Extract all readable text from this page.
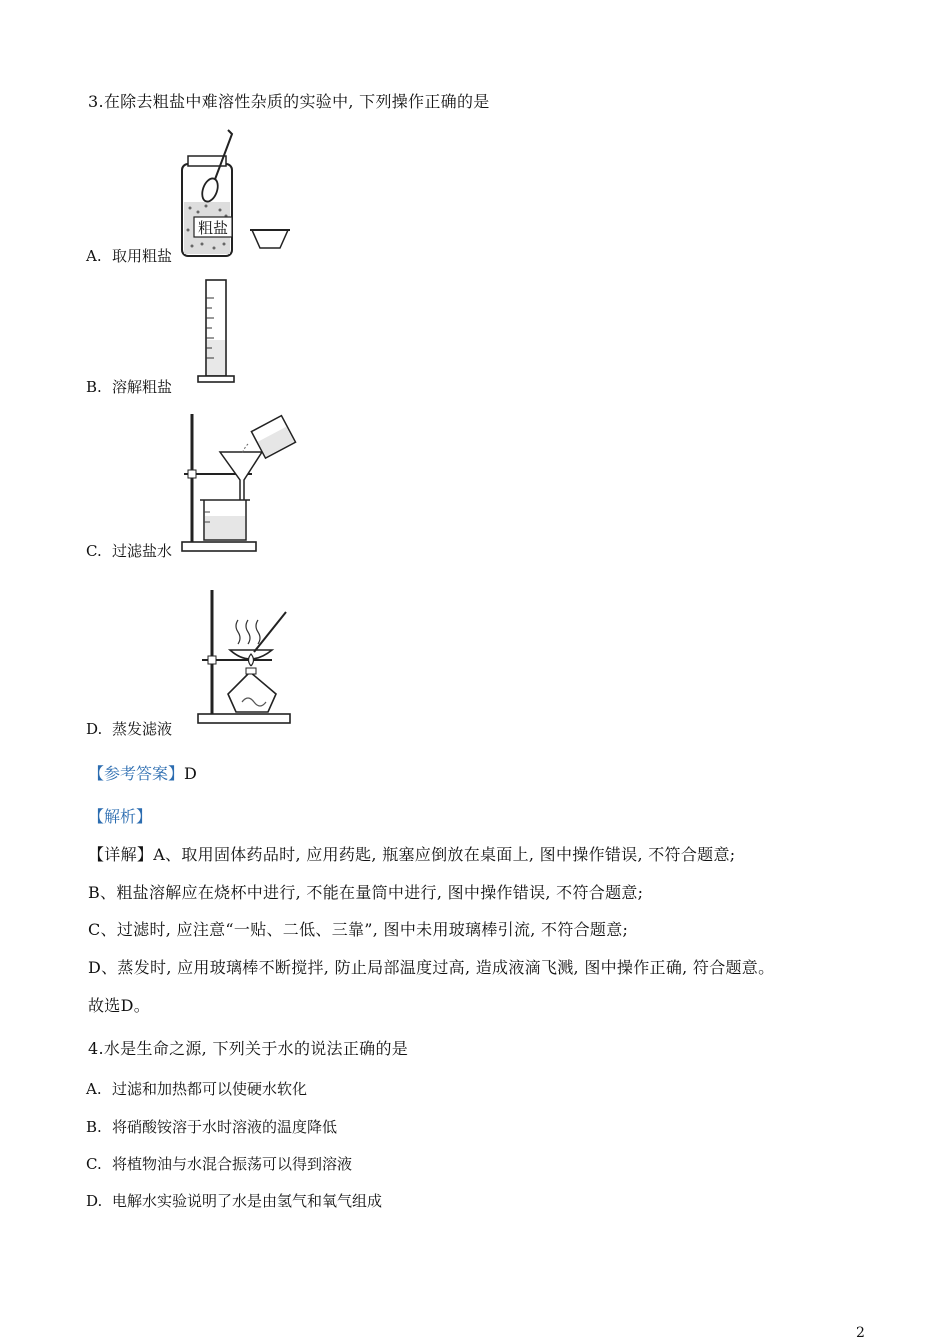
3.在除去粗盐中难溶性杂质的实验中, 下列操作正确的是
粗盐
A. 取用粗盐
B. 溶解粗盐
C. 过滤盐水
D. 蒸发滤液
【参考答案】D
【解析】
【详解】A、取用固体药品时, 应用药匙, 瓶塞应倒放在桌面上, 图中操作错误, 不符合题意;
B、粗盐溶解应在烧杯中进行, 不能在量筒中进行, 图中操作错误, 不符合题意;
C、过滤时, 应注意“一贴、二低、三靠”, 图中未用玻璃棒引流, 不符合题意;
D、蒸发时, 应用玻璃棒不断搅拌, 防止局部温度过高, 造成液滴飞溅, 图中操作正确, 符合题意。
故选D。
4.水是生命之源, 下列关于水的说法正确的是
A. 过滤和加热都可以使硬水软化
B. 将硝酸铵溶于水时溶液的温度降低
C. 将植物油与水混合振荡可以得到溶液
D. 电解水实验说明了水是由氢气和氧气组成
2
